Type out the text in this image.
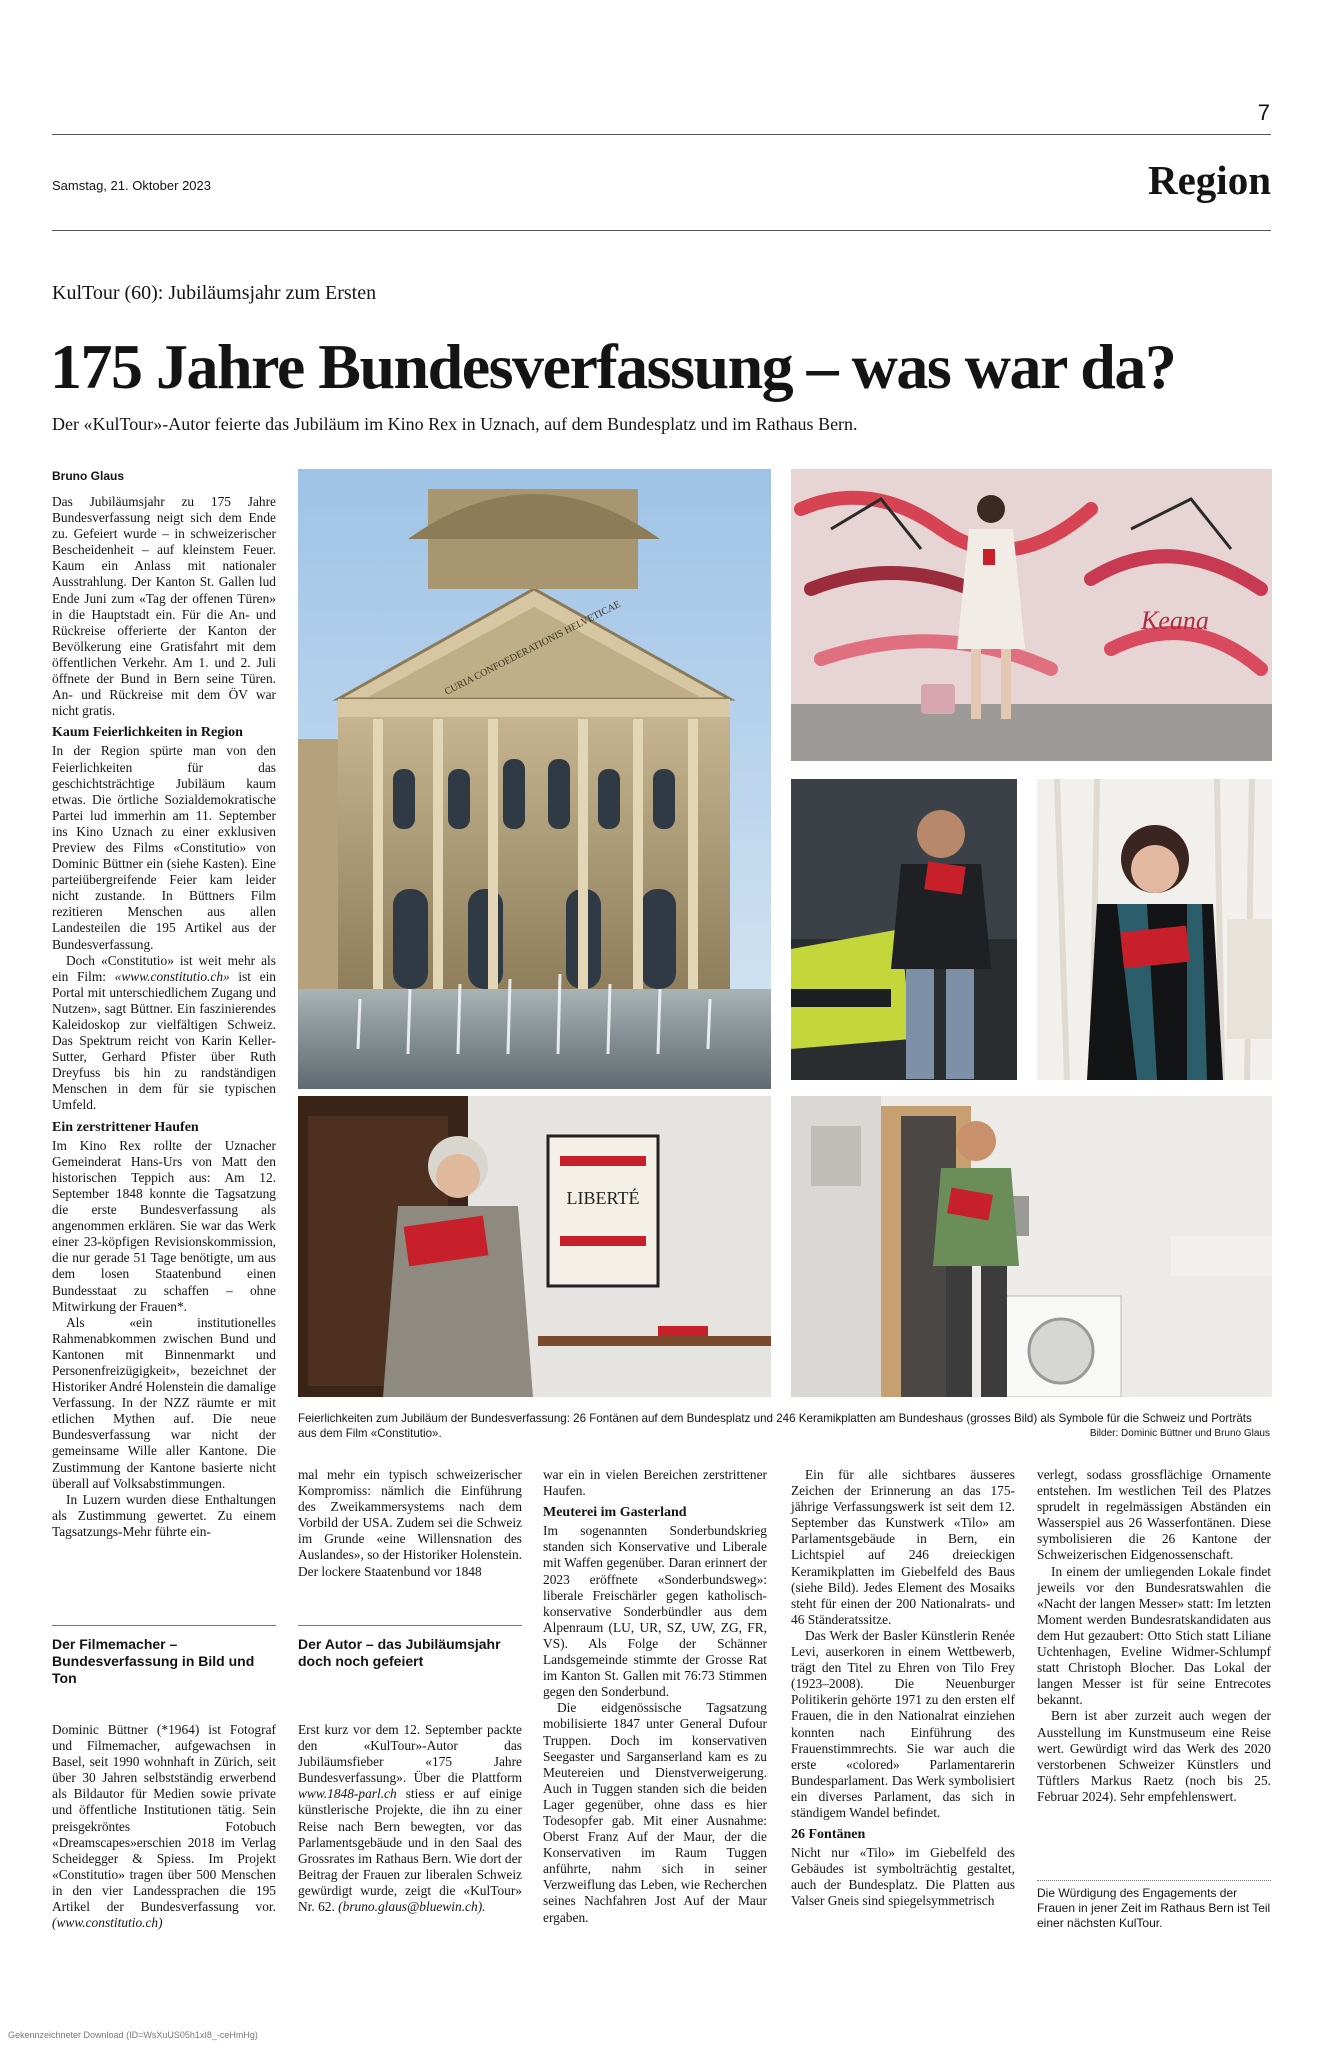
7
Samstag, 21. Oktober 2023	Region
KulTour (60): Jubiläumsjahr zum Ersten
175 Jahre Bundesverfassung – was war da?
Der «KulTour»-Autor feierte das Jubiläum im Kino Rex in Uznach, auf dem Bundesplatz und im Rathaus Bern.
Bruno Glaus

Das Jubiläumsjahr zu 175 Jahre Bundesverfassung neigt sich dem Ende zu. Gefeiert wurde – in schweizerischer Bescheidenheit – auf kleinstem Feuer. Kaum ein Anlass mit nationaler Ausstrahlung. Der Kanton St. Gallen lud Ende Juni zum «Tag der offenen Türen» in die Hauptstadt ein. Für die An- und Rückreise offerierte der Kanton der Bevölkerung eine Gratisfahrt mit dem öffentlichen Verkehr. Am 1. und 2. Juli öffnete der Bund in Bern seine Türen. An- und Rückreise mit dem ÖV war nicht gratis.

Kaum Feierlichkeiten in Region

In der Region spürte man von den Feierlichkeiten für das geschichtsträchtige Jubiläum kaum etwas. Die örtliche Sozialdemokratische Partei lud immerhin am 11. September ins Kino Uznach zu einer exklusiven Preview des Films «Constitutio» von Dominic Büttner ein (siehe Kasten). Eine parteiübergreifende Feier kam leider nicht zustande. In Büttners Film rezitieren Menschen aus allen Landesteilen die 195 Artikel aus der Bundesverfassung.

Doch «Constitutio» ist weit mehr als ein Film: «www.constitutio.ch» ist ein Portal mit unterschiedlichem Zugang und Nutzen», sagt Büttner. Ein faszinierendes Kaleidoskop zur vielfältigen Schweiz. Das Spektrum reicht von Karin Keller-Sutter, Gerhard Pfister über Ruth Dreyfuss bis hin zu randständigen Menschen in dem für sie typischen Umfeld.

Ein zerstrittener Haufen

Im Kino Rex rollte der Uznacher Gemeinderat Hans-Urs von Matt den historischen Teppich aus: Am 12. September 1848 konnte die Tagsatzung die erste Bundesverfassung als angenommen erklären. Sie war das Werk einer 23-köpfigen Revisionskommission, die nur gerade 51 Tage benötigte, um aus dem losen Staatenbund einen Bundesstaat zu schaffen – ohne Mitwirkung der Frauen*.

Als «ein institutionelles Rahmenabkommen zwischen Bund und Kantonen mit Binnenmarkt und Personenfreizügigkeit», bezeichnet der Historiker André Holenstein die damalige Verfassung. In der NZZ räumte er mit etlichen Mythen auf. Die neue Bundesverfassung war nicht der gemeinsame Wille aller Kantone. Die Zustimmung der Kantone basierte nicht überall auf Volksabstimmungen.

In Luzern wurden diese Enthaltungen als Zustimmung gewertet. Zu einem Tagsatzungs-Mehr führte ein-

CURIA CONFOEDERATIONIS HELVETICAE	Keana
LIBERTÉ
Feierlichkeiten zum Jubiläum der Bundesverfassung: 26 Fontänen auf dem Bundesplatz und 246 Keramikplatten am Bundeshaus (grosses Bild) als Symbole für die Schweiz und Porträts aus dem Film «Constitutio».	Bilder: Dominic Büttner und Bruno Glaus

mal mehr ein typisch schweizerischer Kompromiss: nämlich die Einführung des Zweikammersystems nach dem Vorbild der USA. Zudem sei die Schweiz im Grunde «eine Willensnation des Auslandes», so der Historiker Holenstein. Der lockere Staatenbund vor 1848

war ein in vielen Bereichen zerstrittener Haufen.

Meuterei im Gasterland

Im sogenannten Sonderbundskrieg standen sich Konservative und Liberale mit Waffen gegenüber. Daran erinnert der 2023 eröffnete «Sonderbundsweg»: liberale Freischärler gegen katholisch-konservative Sonderbündler aus dem Alpenraum (LU, UR, SZ, UW, ZG, FR, VS). Als Folge der Schänner Landsgemeinde stimmte der Grosse Rat im Kanton St. Gallen mit 76:73 Stimmen gegen den Sonderbund.

Die eidgenössische Tagsatzung mobilisierte 1847 unter General Dufour Truppen. Doch im konservativen Seegaster und Sarganserland kam es zu Meutereien und Dienstverweigerung. Auch in Tuggen standen sich die beiden Lager gegenüber, ohne dass es hier Todesopfer gab. Mit einer Ausnahme: Oberst Franz Auf der Maur, der die Konservativen im Raum Tuggen anführte, nahm sich in seiner Verzweiflung das Leben, wie Recherchen seines Nachfahren Jost Auf der Maur ergaben.

Ein für alle sichtbares äusseres Zeichen der Erinnerung an das 175-jährige Verfassungswerk ist seit dem 12. September das Kunstwerk «Tilo» am Parlamentsgebäude in Bern, ein Lichtspiel auf 246 dreieckigen Keramikplatten im Giebelfeld des Baus (siehe Bild). Jedes Element des Mosaiks steht für einen der 200 Nationalrats- und 46 Ständeratssitze.

Das Werk der Basler Künstlerin Renée Levi, auserkoren in einem Wettbewerb, trägt den Titel zu Ehren von Tilo Frey (1923–2008). Die Neuenburger Politikerin gehörte 1971 zu den ersten elf Frauen, die in den Nationalrat einziehen konnten nach Einführung des Frauenstimmrechts. Sie war auch die erste «colored» Parlamentarerin Bundesparlament. Das Werk symbolisiert ein diverses Parlament, das sich in ständigem Wandel befindet.

26 Fontänen

Nicht nur «Tilo» im Giebelfeld des Gebäudes ist symbolträchtig gestaltet, auch der Bundesplatz. Die Platten aus Valser Gneis sind spiegelsymmetrisch

verlegt, sodass grossflächige Ornamente entstehen. Im westlichen Teil des Platzes sprudelt in regelmässigen Abständen ein Wasserspiel aus 26 Wasserfontänen. Diese symbolisieren die 26 Kantone der Schweizerischen Eidgenossenschaft.

In einem der umliegenden Lokale findet jeweils vor den Bundesratswahlen die «Nacht der langen Messer» statt: Im letzten Moment werden Bundesratskandidaten aus dem Hut gezaubert: Otto Stich statt Liliane Uchtenhagen, Eveline Widmer-Schlumpf statt Christoph Blocher. Das Lokal der langen Messer ist für seine Entrecotes bekannt.

Bern ist aber zurzeit auch wegen der Ausstellung im Kunstmuseum eine Reise wert. Gewürdigt wird das Werk des 2020 verstorbenen Schweizer Künstlers und Tüftlers Markus Raetz (noch bis 25. Februar 2024). Sehr empfehlenswert.

Die Würdigung des Engagements der Frauen in jener Zeit im Rathaus Bern ist Teil einer nächsten KulTour.
Der Filmemacher – Bundesverfassung in Bild und Ton

Dominic Büttner (*1964) ist Fotograf und Filmemacher, aufgewachsen in Basel, seit 1990 wohnhaft in Zürich, seit über 30 Jahren selbstständig erwerbend als Bildautor für Medien sowie private und öffentliche Institutionen tätig. Sein preisgekröntes Fotobuch «Dreamscapes»erschien 2018 im Verlag Scheidegger & Spiess. Im Projekt «Constitutio» tragen über 500 Menschen in den vier Landessprachen die 195 Artikel der Bundesverfassung vor. (www.constitutio.ch)

Der Autor – das Jubiläumsjahr doch noch gefeiert

Erst kurz vor dem 12. September packte den «KulTour»-Autor das Jubiläumsfieber «175 Jahre Bundesverfassung». Über die Plattform www.1848-parl.ch stiess er auf einige künstlerische Projekte, die ihn zu einer Reise nach Bern bewegten, vor das Parlamentsgebäude und in den Saal des Grossrates im Rathaus Bern. Wie dort der Beitrag der Frauen zur liberalen Schweiz gewürdigt wurde, zeigt die «KulTour» Nr. 62. (bruno.glaus@bluewin.ch).

Gekennzeichneter Download (ID=WsXuUS05h1xI8_-ceHmHg)
